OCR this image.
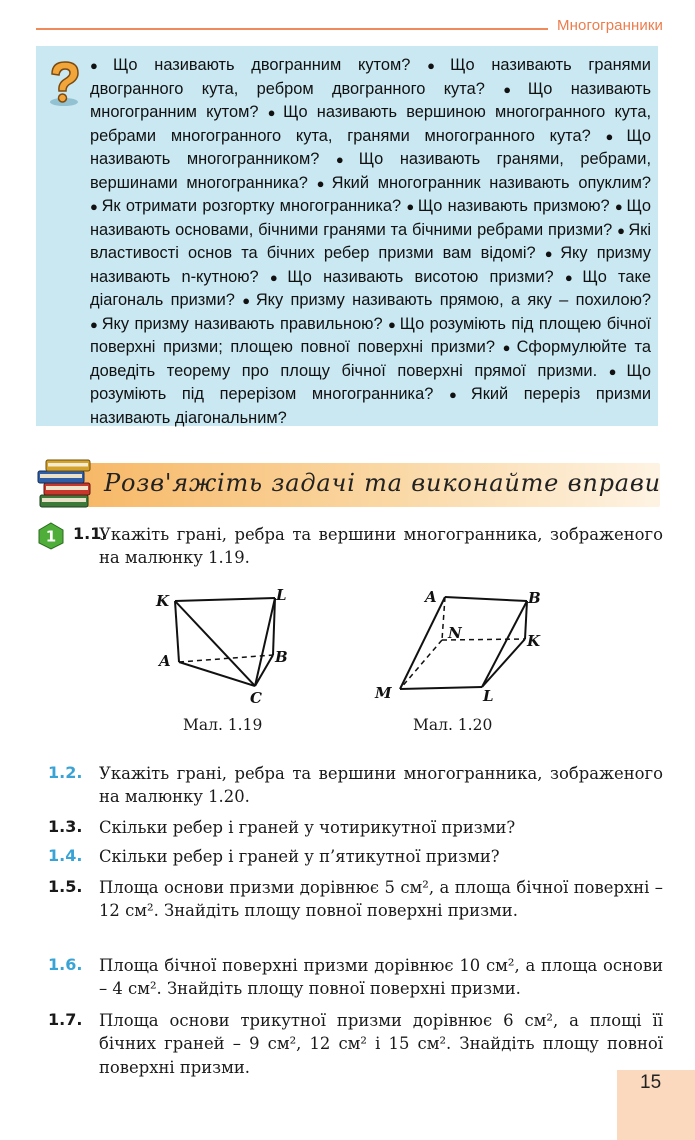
Многогранники
● Що називають двогранним кутом? ● Що називають гранями двогранного кута, ребром двогранного кута? ● Що називають многогранним кутом? ● Що називають вершиною многогранного кута, ребрами многогранного кута, гранями многогранного кута? ● Що називають многогранником? ● Що називають гранями, ребрами, вершинами многогранника? ● Який многогранник називають опуклим? ● Як отримати розгортку многогранника? ● Що називають призмою? ● Що називають основами, бічними гранями та бічними ребрами призми? ● Які властивості основ та бічних ребер призми вам відомі? ● Яку призму називають n-кутною? ● Що називають висотою призми? ● Що таке діагональ призми? ● Яку призму називають прямою, а яку – похилою? ● Яку призму називають правильною? ● Що розуміють під площею бічної поверхні призми; площею повної поверхні призми? ● Сформулюйте та доведіть теорему про площу бічної поверхні прямої призми. ● Що розуміють під перерізом многогранника? ● Який переріз призми називають діагональним?
Розв'яжіть задачі та виконайте вправи
1 1.1.
Укажіть грані, ребра та вершини многогранника, зображеного на малюнку 1.19.
K	L
A	B
C
Мал. 1.19
A	B
N	K
M	L
Мал. 1.20
1.2. Укажіть грані, ребра та вершини многогранника, зображеного на малюнку 1.20.
1.3. Скільки ребер і граней у чотирикутної призми?
1.4. Скільки ребер і граней у п’ятикутної призми?
1.5. Площа основи призми дорівнює 5 см², а площа бічної поверхні – 12 см². Знайдіть площу повної поверхні призми.
1.6. Площа бічної поверхні призми дорівнює 10 см², а площа основи – 4 см². Знайдіть площу повної поверхні призми.
1.7. Площа основи трикутної призми дорівнює 6 см², а площі її бічних граней – 9 см², 12 см² і 15 см². Знайдіть площу повної поверхні призми.
15
